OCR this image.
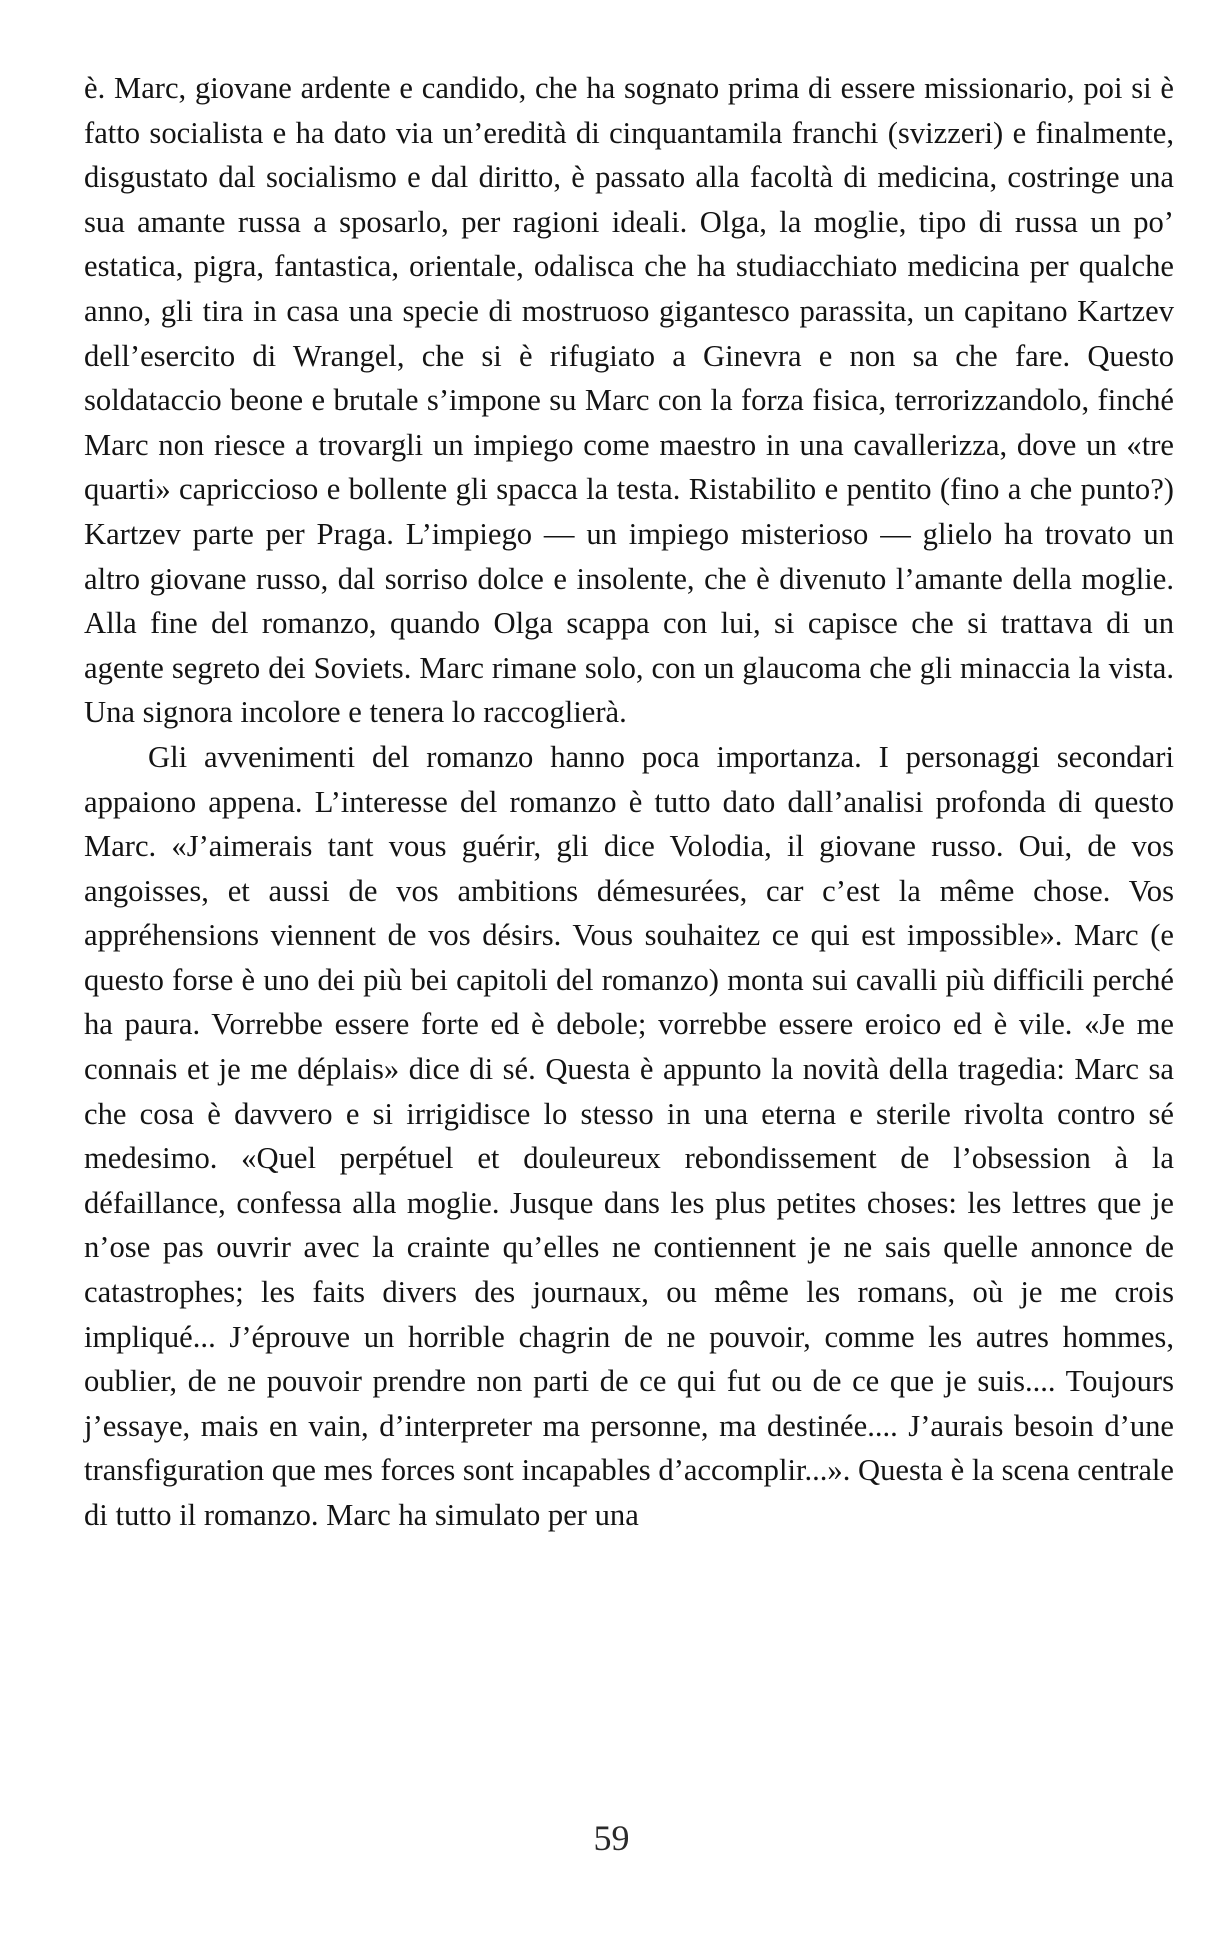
è. Marc, giovane ardente e candido, che ha sognato prima di essere missionario, poi si è fatto socialista e ha dato via un’eredità di cinquantamila franchi (svizzeri) e finalmente, disgustato dal socialismo e dal diritto, è passato alla facoltà di medicina, costringe una sua amante russa a sposarlo, per ragioni ideali. Olga, la moglie, tipo di russa un po’ estatica, pigra, fantastica, orientale, odalisca che ha studiacchiato medicina per qualche anno, gli tira in casa una specie di mostruoso gigantesco parassita, un capitano Kartzev dell’esercito di Wrangel, che si è rifugiato a Ginevra e non sa che fare. Questo soldataccio beone e brutale s’impone su Marc con la forza fisica, terrorizzandolo, finché Marc non riesce a trovargli un impiego come maestro in una cavallerizza, dove un «tre quarti» capriccioso e bollente gli spacca la testa. Ristabilito e pentito (fino a che punto?) Kartzev parte per Praga. L’impiego — un impiego misterioso — glielo ha trovato un altro giovane russo, dal sorriso dolce e insolente, che è divenuto l’amante della moglie. Alla fine del romanzo, quando Olga scappa con lui, si capisce che si trattava di un agente segreto dei Soviets. Marc rimane solo, con un glaucoma che gli minaccia la vista. Una signora incolore e tenera lo raccoglierà.

Gli avvenimenti del romanzo hanno poca importanza. I personaggi secondari appaiono appena. L’interesse del romanzo è tutto dato dall’analisi profonda di questo Marc. «J’aimerais tant vous guérir, gli dice Volodia, il giovane russo. Oui, de vos angoisses, et aussi de vos ambitions démesurées, car c’est la même chose. Vos appréhensions viennent de vos désirs. Vous souhaitez ce qui est impossible». Marc (e questo forse è uno dei più bei capitoli del romanzo) monta sui cavalli più difficili perché ha paura. Vorrebbe essere forte ed è debole; vorrebbe essere eroico ed è vile. «Je me connais et je me déplais» dice di sé. Questa è appunto la novità della tragedia: Marc sa che cosa è davvero e si irrigidisce lo stesso in una eterna e sterile rivolta contro sé medesimo. «Quel perpétuel et douleureux rebondissement de l’obsession à la défaillance, confessa alla moglie. Jusque dans les plus petites choses: les lettres que je n’ose pas ouvrir avec la crainte qu’elles ne contiennent je ne sais quelle annonce de catastrophes; les faits divers des journaux, ou même les romans, où je me crois impliqué... J’éprouve un horrible chagrin de ne pouvoir, comme les autres hommes, oublier, de ne pouvoir prendre non parti de ce qui fut ou de ce que je suis.... Toujours j’essaye, mais en vain, d’interpreter ma personne, ma destinée.... J’aurais besoin d’une transfiguration que mes forces sont incapables d’accomplir...». Questa è la scena centrale di tutto il romanzo. Marc ha simulato per una

59
